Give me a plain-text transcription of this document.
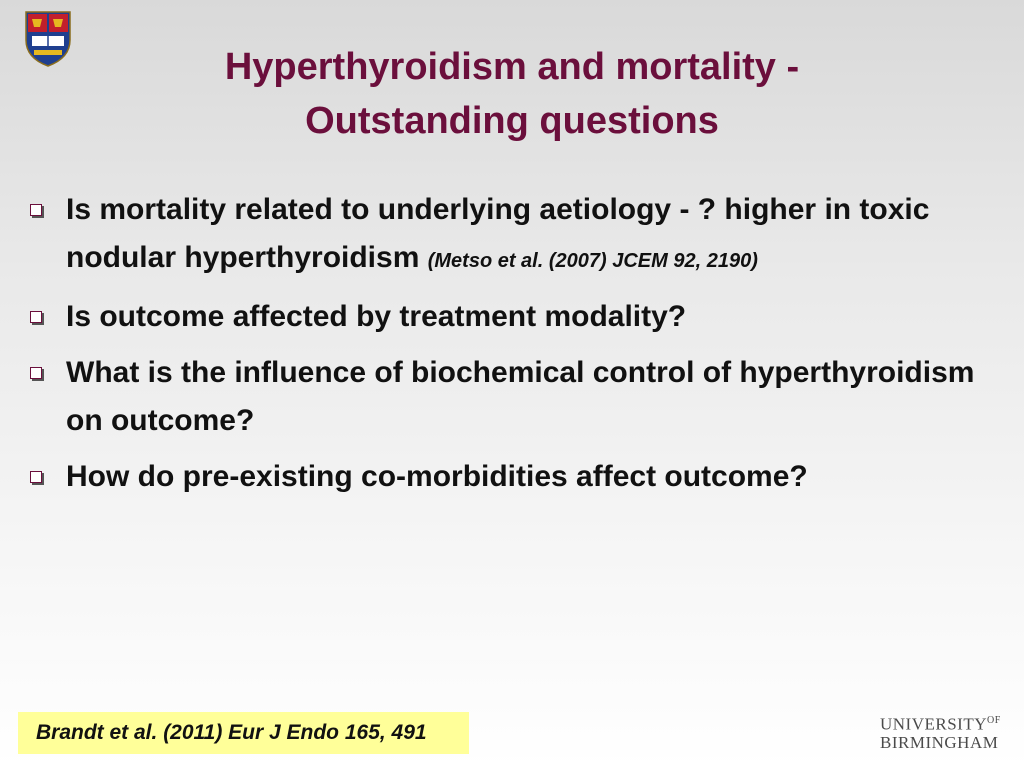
Hyperthyroidism and mortality -
Outstanding questions
Is mortality related to underlying aetiology - ? higher in toxic nodular hyperthyroidism (Metso et al. (2007) JCEM 92, 2190)
Is outcome affected by treatment modality?
What is the influence of biochemical control of hyperthyroidism on outcome?
How do pre-existing co-morbidities affect outcome?
Brandt et al. (2011) Eur J Endo 165, 491	$UNIVERSITY^{OF}$
BIRMINGHAM
